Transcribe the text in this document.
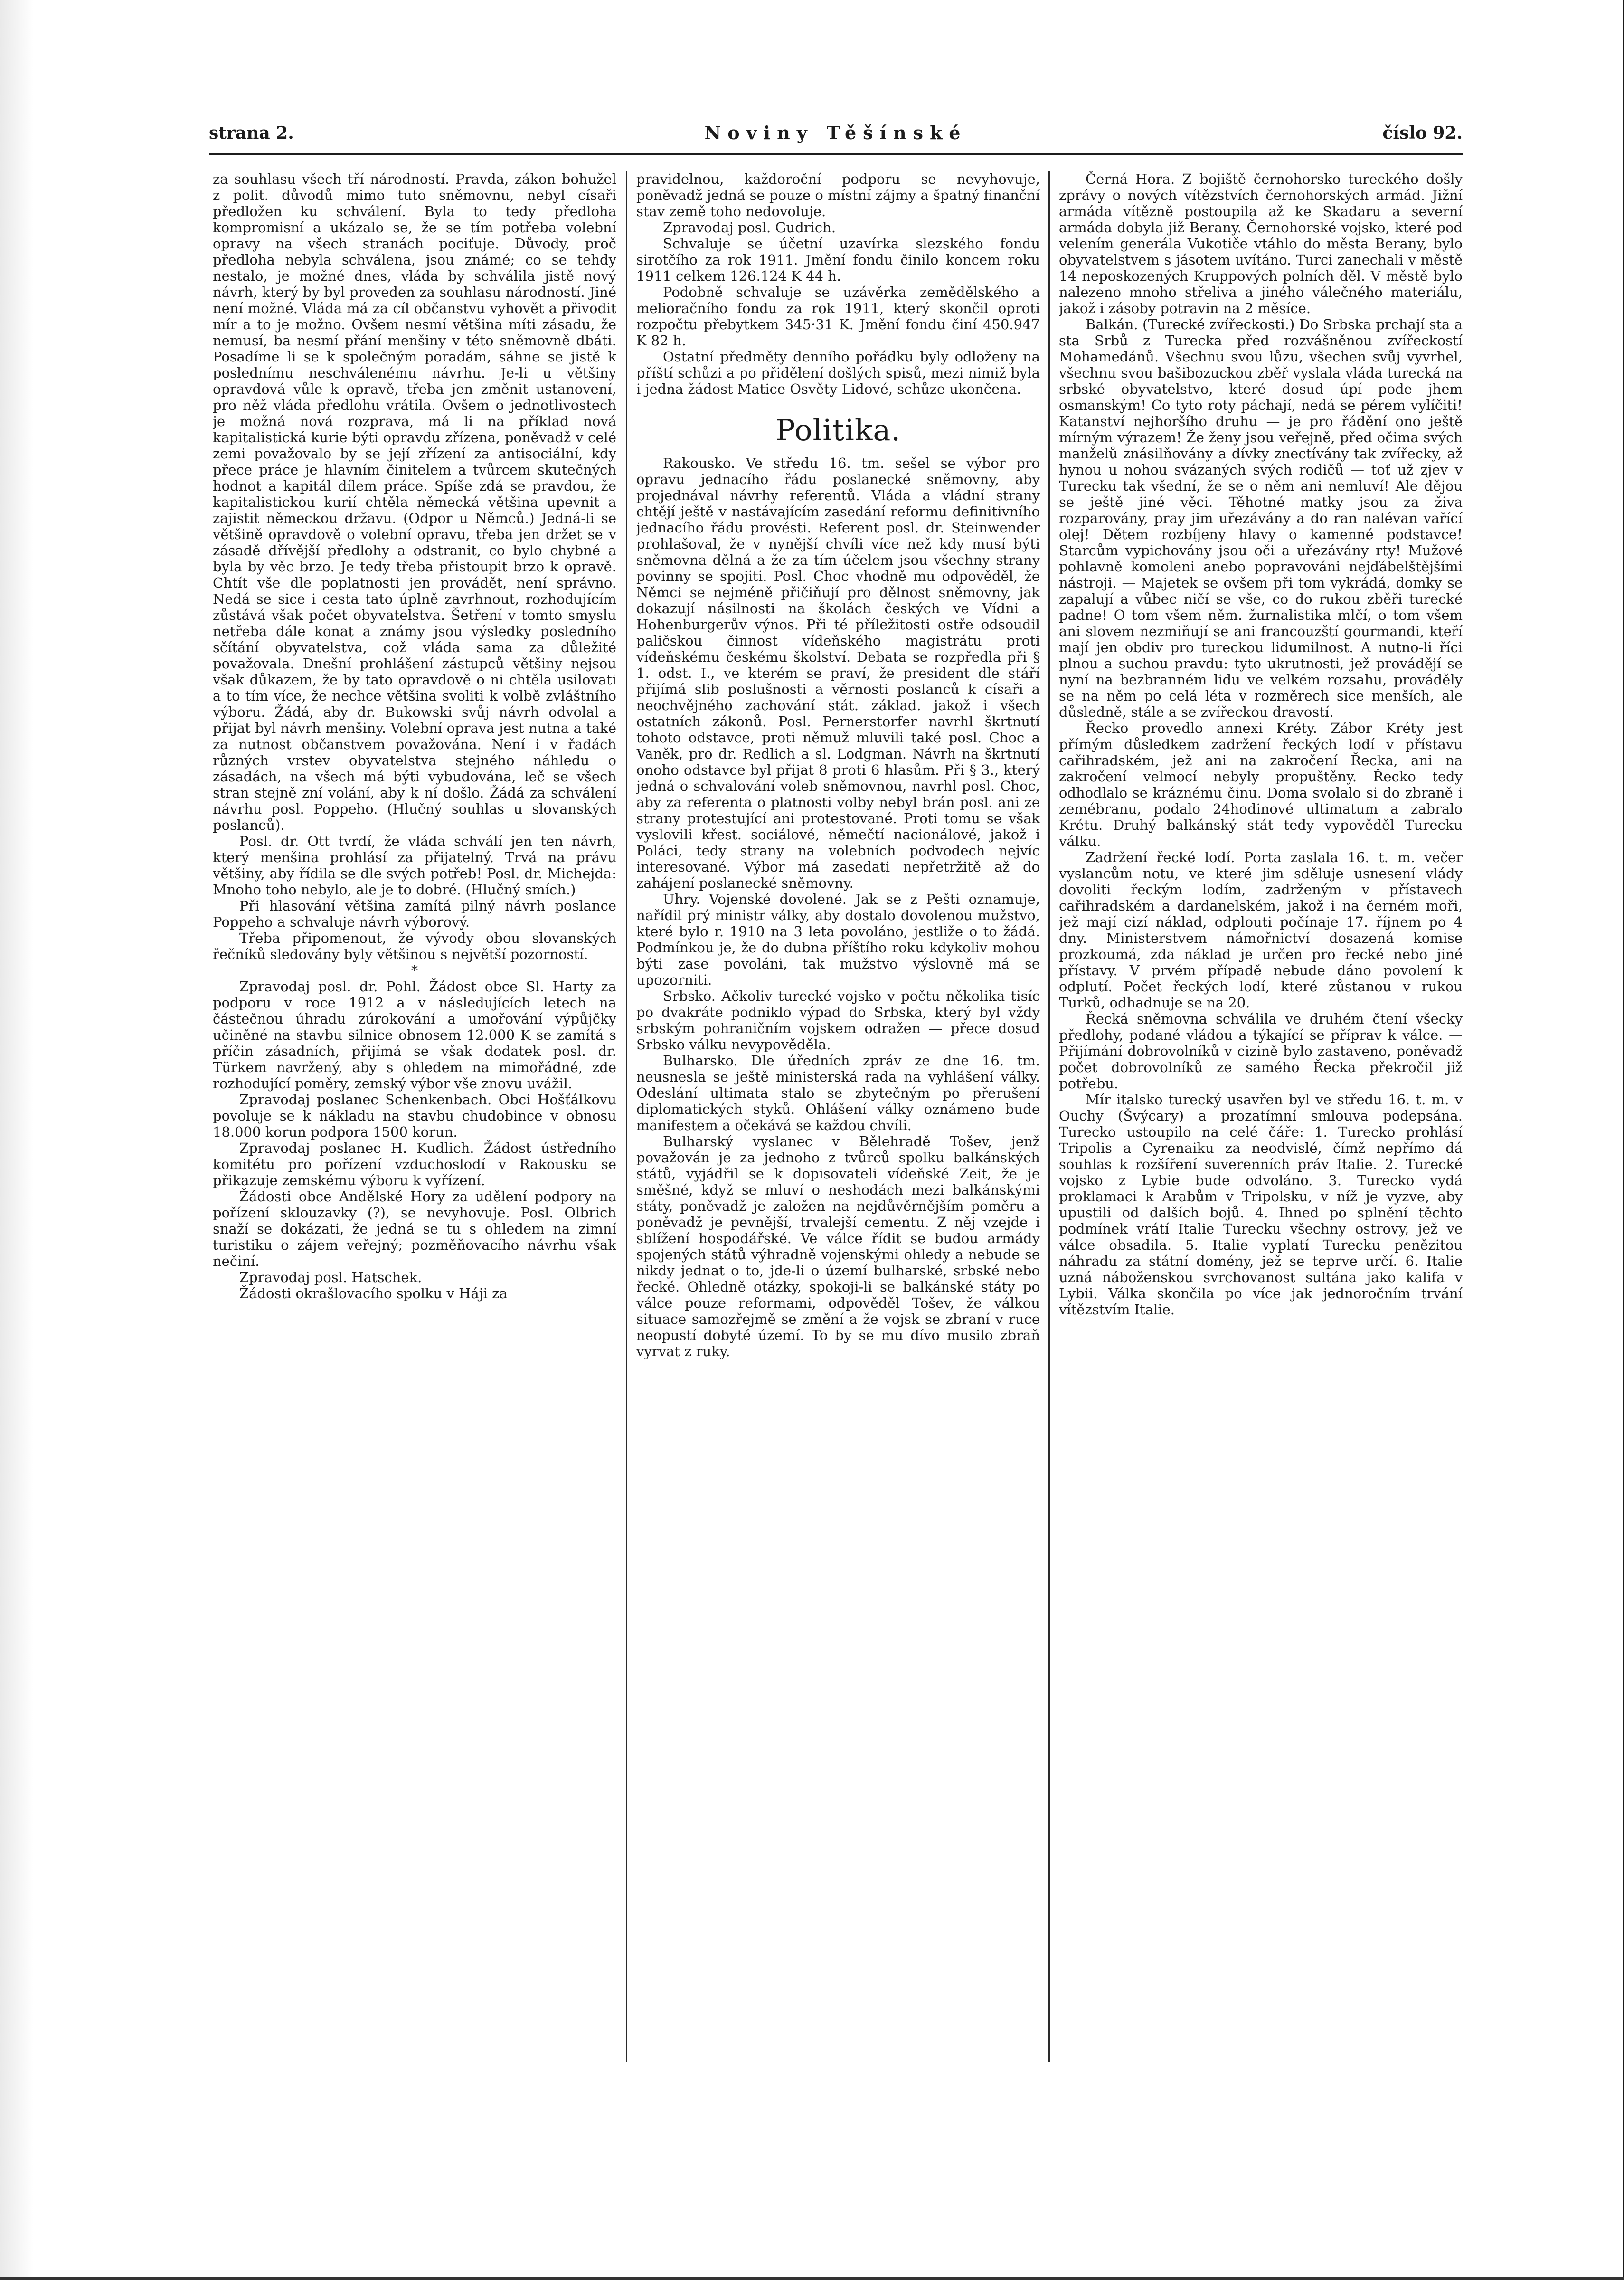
strana 2.	Noviny Těšínské	číslo 92.

za souhlasu všech tří národností. Pravda, zákon bohužel z polit. důvodů mimo tuto sněmovnu, nebyl císaři předložen ku schválení. Byla to tedy předloha kompromisní a ukázalo se, že se tím potřeba volební opravy na všech stranách pociťuje. Důvody, proč předloha nebyla schválena, jsou známé; co se tehdy nestalo, je možné dnes, vláda by schválila jistě nový návrh, který by byl proveden za souhlasu národností. Jiné není možné. Vláda má za cíl občanstvu vyhovět a přivodit mír a to je možno. Ovšem nesmí většina míti zásadu, že nemusí, ba nesmí přání menšiny v této sněmovně dbáti. Posadíme li se k společným poradám, sáhne se jistě k poslednímu neschválenému návrhu. Je-li u většiny opravdová vůle k opravě, třeba jen změnit ustanovení, pro něž vláda předlohu vrátila. Ovšem o jednotlivostech je možná nová rozprava, má li na příklad nová kapitalistická kurie býti opravdu zřízena, poněvadž v celé zemi považovalo by se její zřízení za antisociální, kdy přece práce je hlavním činitelem a tvůrcem skutečných hodnot a kapitál dílem práce. Spíše zdá se pravdou, že kapitalistickou kurií chtěla německá většina upevnit a zajistit německou državu. (Odpor u Němců.) Jedná-li se většině opravdově o volební opravu, třeba jen držet se v zásadě dřívější předlohy a odstranit, co bylo chybné a byla by věc brzo. Je tedy třeba přistoupit brzo k opravě. Chtít vše dle poplatnosti jen provádět, není správno. Nedá se sice i cesta tato úplně zavrhnout, rozhodujícím zůstává však počet obyvatelstva. Šetření v tomto smyslu netřeba dále konat a známy jsou výsledky posledního sčítání obyvatelstva, což vláda sama za důležité považovala. Dnešní prohlášení zástupců většiny nejsou však důkazem, že by tato opravdově o ni chtěla usilovati a to tím více, že nechce většina svoliti k volbě zvláštního výboru. Žádá, aby dr. Bukowski svůj návrh odvolal a přijat byl návrh menšiny. Volební oprava jest nutna a také za nutnost občanstvem považována. Není i v řadách různých vrstev obyvatelstva stejného náhledu o zásadách, na všech má býti vybudována, leč se všech stran stejně zní volání, aby k ní došlo. Žádá za schválení návrhu posl. Poppeho. (Hlučný souhlas u slovanských poslanců).

Posl. dr. Ott tvrdí, že vláda schválí jen ten návrh, který menšina prohlásí za přijatelný. Trvá na právu většiny, aby řídila se dle svých potřeb! Posl. dr. Michejda: Mnoho toho nebylo, ale je to dobré. (Hlučný smích.)

Při hlasování většina zamítá pilný návrh poslance Poppeho a schvaluje návrh výborový.

Třeba připomenout, že vývody obou slovanských řečníků sledovány byly většinou s největší pozorností.

*

Zpravodaj posl. dr. Pohl. Žádost obce Sl. Harty za podporu v roce 1912 a v následujících letech na částečnou úhradu zúrokování a umořování výpůjčky učiněné na stavbu silnice obnosem 12.000 K se zamítá s příčin zásadních, přijímá se však dodatek posl. dr. Türkem navržený, aby s ohledem na mimořádné, zde rozhodující poměry, zemský výbor vše znovu uvážil.

Zpravodaj poslanec Schenkenbach. Obci Hošťálkovu povoluje se k nákladu na stavbu chudobince v obnosu 18.000 korun podpora 1500 korun.

Zpravodaj poslanec H. Kudlich. Žádost ústředního komitétu pro pořízení vzduchoslodí v Rakousku se přikazuje zemskému výboru k vyřízení.

Žádosti obce Andělské Hory za udělení podpory na pořízení sklouzavky (?), se nevyhovuje. Posl. Olbrich snaží se dokázati, že jedná se tu s ohledem na zimní turistiku o zájem veřejný; pozměňovacího návrhu však nečiní.

Zpravodaj posl. Hatschek.

Žádosti okrašlovacího spolku v Háji za

pravidelnou, každoroční podporu se nevyhovuje, poněvadž jedná se pouze o místní zájmy a špatný finanční stav země toho nedovoluje.

Zpravodaj posl. Gudrich.

Schvaluje se účetní uzavírka slezského fondu sirotčího za rok 1911. Jmění fondu činilo koncem roku 1911 celkem 126.124 K 44 h.

Podobně schvaluje se uzávěrka zemědělského a melioračního fondu za rok 1911, který skončil oproti rozpočtu přebytkem 345·31 K. Jmění fondu činí 450.947 K 82 h.

Ostatní předměty denního pořádku byly odloženy na příští schůzi a po přidělení došlých spisů, mezi nimiž byla i jedna žádost Matice Osvěty Lidové, schůze ukončena.

Politika.

Rakousko. Ve středu 16. tm. sešel se výbor pro opravu jednacího řádu poslanecké sněmovny, aby projednával návrhy referentů. Vláda a vládní strany chtějí ještě v nastávajícím zasedání reformu definitivního jednacího řádu provésti. Referent posl. dr. Steinwender prohlašoval, že v nynější chvíli více než kdy musí býti sněmovna dělná a že za tím účelem jsou všechny strany povinny se spojiti. Posl. Choc vhodně mu odpověděl, že Němci se nejméně přičiňují pro dělnost sněmovny, jak dokazují násilnosti na školách českých ve Vídni a Hohenburgerův výnos. Při té příležitosti ostře odsoudil paličskou činnost vídeňského magistrátu proti vídeňskému českému školství. Debata se rozpředla při § 1. odst. I., ve kterém se praví, že president dle stáří přijímá slib poslušnosti a věrnosti poslanců k císaři a neochvějného zachování stát. základ. jakož i všech ostatních zákonů. Posl. Pernerstorfer navrhl škrtnutí tohoto odstavce, proti němuž mluvili také posl. Choc a Vaněk, pro dr. Redlich a sl. Lodgman. Návrh na škrtnutí onoho odstavce byl přijat 8 proti 6 hlasům. Při § 3., který jedná o schvalování voleb sněmovnou, navrhl posl. Choc, aby za referenta o platnosti volby nebyl brán posl. ani ze strany protestující ani protestované. Proti tomu se však vyslovili křest. sociálové, němečtí nacionálové, jakož i Poláci, tedy strany na volebních podvodech nejvíc interesované. Výbor má zasedati nepřetržitě až do zahájení poslanecké sněmovny.

Uhry. Vojenské dovolené. Jak se z Pešti oznamuje, nařídil prý ministr války, aby dostalo dovolenou mužstvo, které bylo r. 1910 na 3 leta povoláno, jestliže o to žádá. Podmínkou je, že do dubna příštího roku kdykoliv mohou býti zase povoláni, tak mužstvo výslovně má se upozorniti.

Srbsko. Ačkoliv turecké vojsko v počtu několika tisíc po dvakráte podniklo výpad do Srbska, který byl vždy srbským pohraničním vojskem odražen — přece dosud Srbsko válku nevypověděla.

Bulharsko. Dle úředních zpráv ze dne 16. tm. neusnesla se ještě ministerská rada na vyhlášení války. Odeslání ultimata stalo se zbytečným po přerušení diplomatických styků. Ohlášení války oznámeno bude manifestem a očekává se každou chvíli.

Bulharský vyslanec v Bělehradě Tošev, jenž považován je za jednoho z tvůrců spolku balkánských států, vyjádřil se k dopisovateli vídeňské Zeit, že je směšné, když se mluví o neshodách mezi balkánskými státy, poněvadž je založen na nejdůvěrnějším poměru a poněvadž je pevnější, trvalejší cementu. Z něj vzejde i sblížení hospodářské. Ve válce řídit se budou armády spojených států výhradně vojenskými ohledy a nebude se nikdy jednat o to, jde-li o území bulharské, srbské nebo řecké. Ohledně otázky, spokoji-li se balkánské státy po válce pouze reformami, odpověděl Tošev, že válkou situace samozřejmě se změní a že vojsk se zbraní v ruce neopustí dobyté území. To by se mu dívo musilo zbraň vyrvat z ruky.

Černá Hora. Z bojiště černohorsko tureckého došly zprávy o nových vítězstvích černohorských armád. Jižní armáda vítězně postoupila až ke Skadaru a severní armáda dobyla již Berany. Černohorské vojsko, které pod velením generála Vukotiče vtáhlo do města Berany, bylo obyvatelstvem s jásotem uvítáno. Turci zanechali v městě 14 neposkozených Kruppových polních děl. V městě bylo nalezeno mnoho střeliva a jiného válečného materiálu, jakož i zásoby potravin na 2 měsíce.

Balkán. (Turecké zvířeckosti.) Do Srbska prchají sta a sta Srbů z Turecka před rozvášněnou zvířeckostí Mohamedánů. Všechnu svou lůzu, všechen svůj vyvrhel, všechnu svou bašibozuckou zběř vyslala vláda turecká na srbské obyvatelstvo, které dosud úpí pode jhem osmanským! Co tyto roty páchají, nedá se pérem vylíčiti! Katanství nejhoršího druhu — je pro řádění ono ještě mírným výrazem! Že ženy jsou veřejně, před očima svých manželů znásilňovány a dívky znectívány tak zvířecky, až hynou u nohou svázaných svých rodičů — toť už zjev v Turecku tak všední, že se o něm ani nemluví! Ale dějou se ještě jiné věci. Těhotné matky jsou za živa rozparovány, pray jim uřezávány a do ran nalévan vařící olej! Dětem rozbíjeny hlavy o kamenné podstavce! Starcům vypichovány jsou oči a uřezávány rty! Mužové pohlavně komoleni anebo popravováni nejďábelštějšími nástroji. — Majetek se ovšem při tom vykrádá, domky se zapalují a vůbec ničí se vše, co do rukou zběři turecké padne! O tom všem něm. žurnalistika mlčí, o tom všem ani slovem nezmiňují se ani francouzští gourmandi, kteří mají jen obdiv pro tureckou lidumilnost. A nutno-li říci plnou a suchou pravdu: tyto ukrutnosti, jež provádějí se nyní na bezbranném lidu ve velkém rozsahu, prováděly se na něm po celá léta v rozměrech sice menších, ale důsledně, stále a se zvířeckou dravostí.

Řecko provedlo annexi Kréty. Zábor Kréty jest přímým důsledkem zadržení řeckých lodí v přístavu cařihradském, jež ani na zakročení Řecka, ani na zakročení velmocí nebyly propuštěny. Řecko tedy odhodlalo se kráznému činu. Doma svolalo si do zbraně i zemébranu, podalo 24hodinové ultimatum a zabralo Krétu. Druhý balkánský stát tedy vypověděl Turecku válku.

Zadržení řecké lodí. Porta zaslala 16. t. m. večer vyslancům notu, ve které jim sděluje usnesení vlády dovoliti řeckým lodím, zadrženým v přístavech cařihradském a dardanelském, jakož i na černém moři, jež mají cizí náklad, odplouti počínaje 17. říjnem po 4 dny. Ministerstvem námořnictví dosazená komise prozkoumá, zda náklad je určen pro řecké nebo jiné přístavy. V prvém případě nebude dáno povolení k odplutí. Počet řeckých lodí, které zůstanou v rukou Turků, odhadnuje se na 20.

Řecká sněmovna schválila ve druhém čtení všecky předlohy, podané vládou a týkající se příprav k válce. — Přijímání dobrovolníků v cizině bylo zastaveno, poněvadž počet dobrovolníků ze samého Řecka překročil již potřebu.

Mír italsko turecký usavřen byl ve středu 16. t. m. v Ouchy (Švýcary) a prozatímní smlouva podepsána. Turecko ustoupilo na celé čáře: 1. Turecko prohlásí Tripolis a Cyrenaiku za neodvislé, čímž nepřímo dá souhlas k rozšíření suverenních práv Italie. 2. Turecké vojsko z Lybie bude odvoláno. 3. Turecko vydá proklamaci k Arabům v Tripolsku, v níž je vyzve, aby upustili od dalších bojů. 4. Ihned po splnění těchto podmínek vrátí Italie Turecku všechny ostrovy, jež ve válce obsadila. 5. Italie vyplatí Turecku penězitou náhradu za státní domény, jež se teprve určí. 6. Italie uzná náboženskou svrchovanost sultána jako kalifa v Lybii. Válka skončila po více jak jednoročním trvání vítězstvím Italie.
